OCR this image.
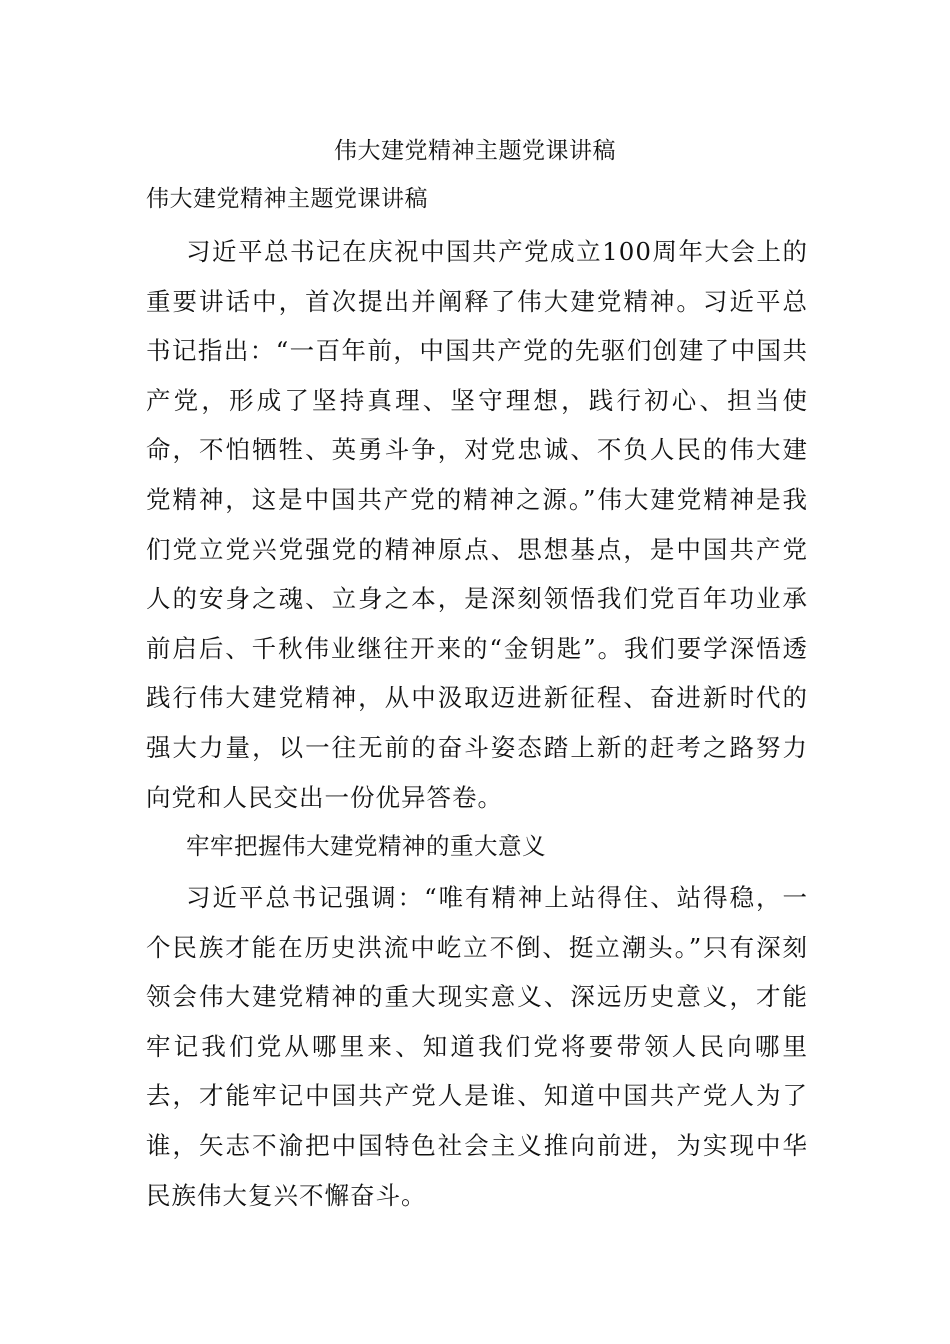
伟大建党精神主题党课讲稿
伟大建党精神主题党课讲稿

习近平总书记在庆祝中国共产党成立100周年大会上的重要讲话中，首次提出并阐释了伟大建党精神。习近平总书记指出：“一百年前，中国共产党的先驱们创建了中国共产党，形成了坚持真理、坚守理想，践行初心、担当使命，不怕牺牲、英勇斗争，对党忠诚、不负人民的伟大建党精神，这是中国共产党的精神之源。”伟大建党精神是我们党立党兴党强党的精神原点、思想基点，是中国共产党人的安身之魂、立身之本，是深刻领悟我们党百年功业承前启后、千秋伟业继往开来的“金钥匙”。我们要学深悟透践行伟大建党精神，从中汲取迈进新征程、奋进新时代的强大力量，以一往无前的奋斗姿态踏上新的赶考之路努力向党和人民交出一份优异答卷。

牢牢把握伟大建党精神的重大意义

习近平总书记强调：“唯有精神上站得住、站得稳，一个民族才能在历史洪流中屹立不倒、挺立潮头。”只有深刻领会伟大建党精神的重大现实意义、深远历史意义，才能牢记我们党从哪里来、知道我们党将要带领人民向哪里去，才能牢记中国共产党人是谁、知道中国共产党人为了谁，矢志不渝把中国特色社会主义推向前进，为实现中华民族伟大复兴不懈奋斗。
